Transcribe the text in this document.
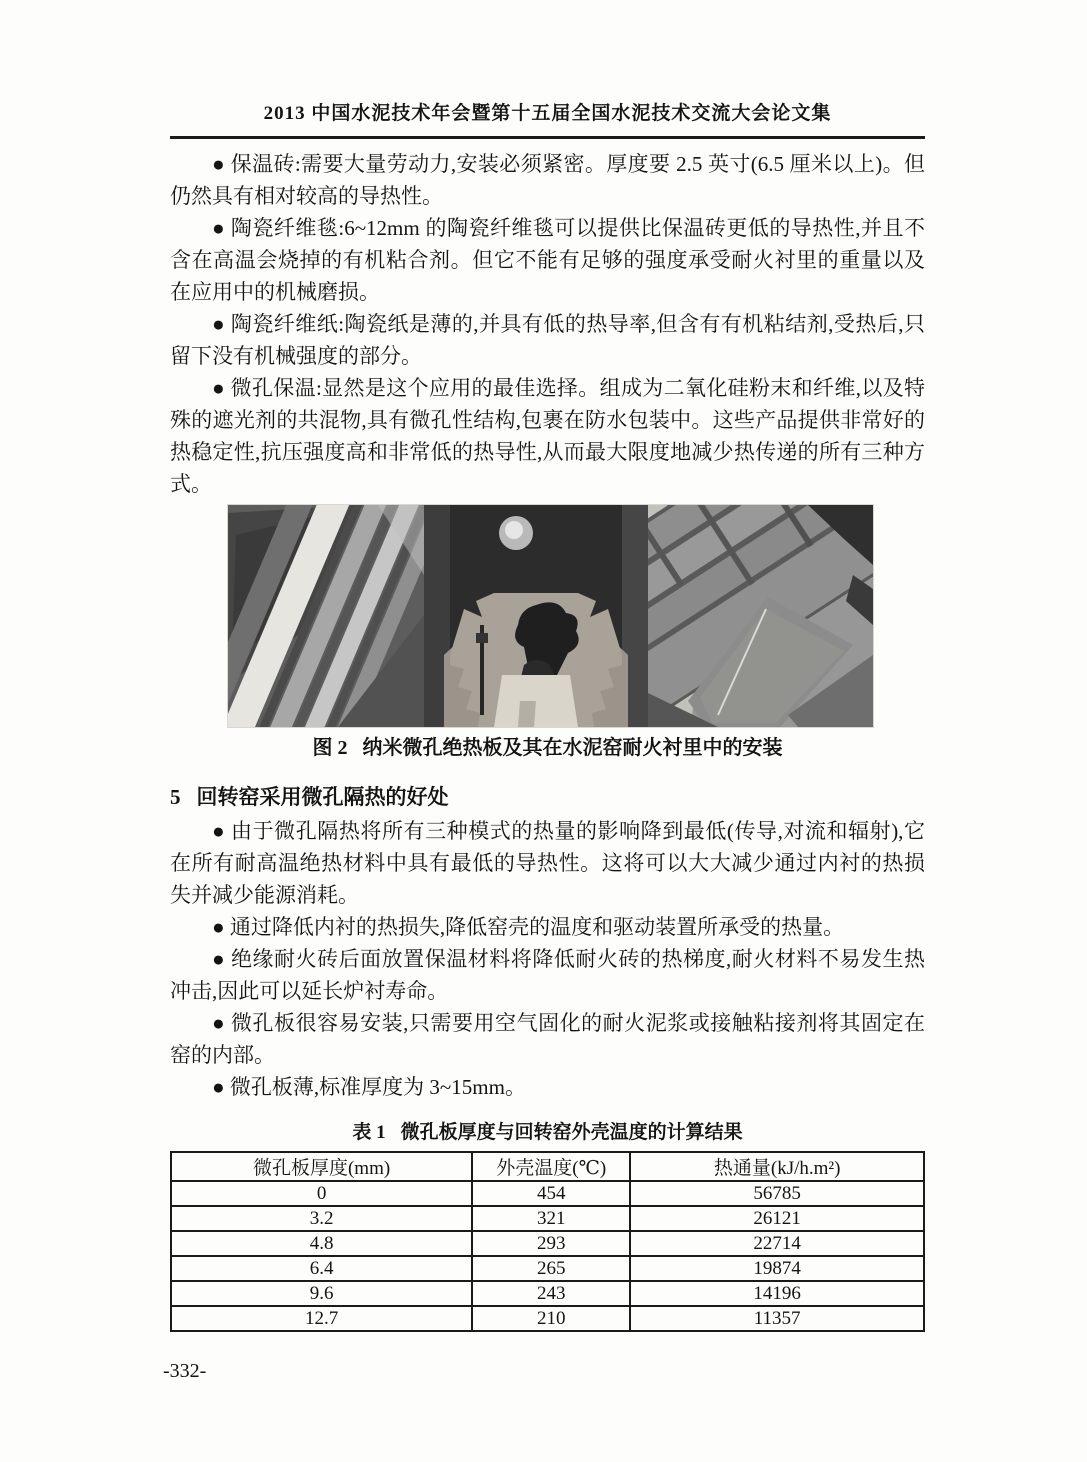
2013 中国水泥技术年会暨第十五届全国水泥技术交流大会论文集

● 保温砖:需要大量劳动力,安装必须紧密。厚度要 2.5 英寸(6.5 厘米以上)。但仍然具有相对较高的导热性。

● 陶瓷纤维毯:6~12mm 的陶瓷纤维毯可以提供比保温砖更低的导热性,并且不含在高温会烧掉的有机粘合剂。但它不能有足够的强度承受耐火衬里的重量以及在应用中的机械磨损。

● 陶瓷纤维纸:陶瓷纸是薄的,并具有低的热导率,但含有有机粘结剂,受热后,只留下没有机械强度的部分。

● 微孔保温:显然是这个应用的最佳选择。组成为二氧化硅粉末和纤维,以及特殊的遮光剂的共混物,具有微孔性结构,包裹在防水包装中。这些产品提供非常好的热稳定性,抗压强度高和非常低的热导性,从而最大限度地减少热传递的所有三种方式。

图 2 纳米微孔绝热板及其在水泥窑耐火衬里中的安装
5 回转窑采用微孔隔热的好处

● 由于微孔隔热将所有三种模式的热量的影响降到最低(传导,对流和辐射),它在所有耐高温绝热材料中具有最低的导热性。这将可以大大减少通过内衬的热损失并减少能源消耗。

● 通过降低内衬的热损失,降低窑壳的温度和驱动装置所承受的热量。

● 绝缘耐火砖后面放置保温材料将降低耐火砖的热梯度,耐火材料不易发生热冲击,因此可以延长炉衬寿命。

● 微孔板很容易安装,只需要用空气固化的耐火泥浆或接触粘接剂将其固定在窑的内部。

● 微孔板薄,标准厚度为 3~15mm。

表 1 微孔板厚度与回转窑外壳温度的计算结果
微孔板厚度(mm)	外壳温度(℃)	热通量(kJ/h.m²)
0	454	56785
3.2	321	26121
4.8	293	22714
6.4	265	19874
9.6	243	14196
12.7	210	11357
-332-
